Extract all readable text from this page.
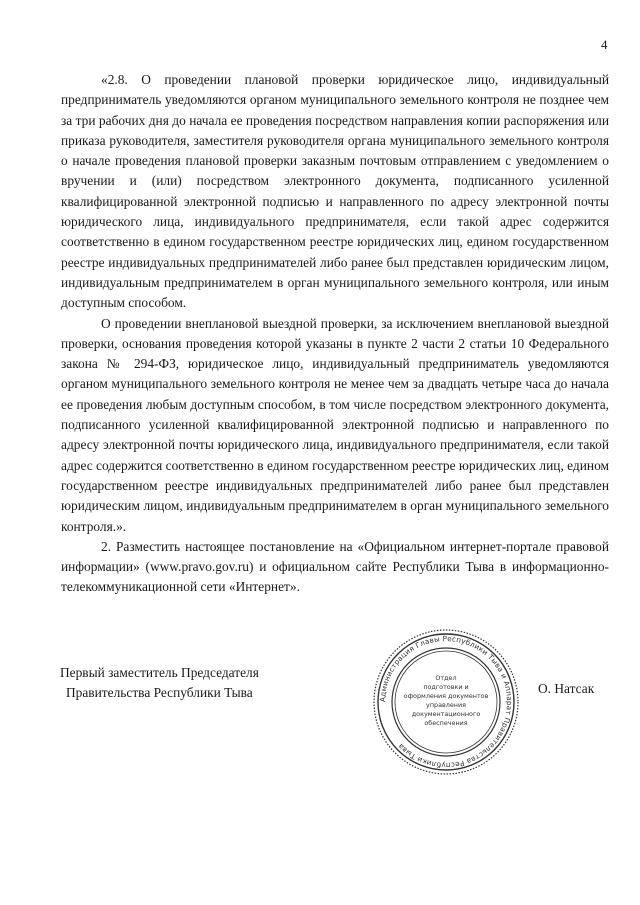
4

«2.8. О проведении плановой проверки юридическое лицо, индивидуальный предприниматель уведомляются органом муниципального земельного контроля не позднее чем за три рабочих дня до начала ее проведения посредством направления копии распоряжения или приказа руководителя, заместителя руководителя органа муниципального земельного контроля о начале проведения плановой проверки заказным почтовым отправлением с уведомлением о вручении и (или) посредством электронного документа, подписанного усиленной квалифицированной электронной подписью и направленного по адресу электронной почты юридического лица, индивидуального предпринимателя, если такой адрес содержится соответственно в едином государственном реестре юридических лиц, едином государственном реестре индивидуальных предпринимателей либо ранее был представлен юридическим лицом, индивидуальным предпринимателем в орган муниципального земельного контроля, или иным доступным способом.

О проведении внеплановой выездной проверки, за исключением внеплановой выездной проверки, основания проведения которой указаны в пункте 2 части 2 статьи 10 Федерального закона № 294-ФЗ, юридическое лицо, индивидуальный предприниматель уведомляются органом муниципального земельного контроля не менее чем за двадцать четыре часа до начала ее проведения любым доступным способом, в том числе посредством электронного документа, подписанного усиленной квалифицированной электронной подписью и направленного по адресу электронной почты юридического лица, индивидуального предпринимателя, если такой адрес содержится соответственно в едином государственном реестре юридических лиц, едином государственном реестре индивидуальных предпринимателей либо ранее был представлен юридическим лицом, индивидуальным предпринимателем в орган муниципального земельного контроля.».

2. Разместить настоящее постановление на «Официальном интернет-портале правовой информации» (www.pravo.gov.ru) и официальном сайте Республики Тыва в информационно-телекоммуникационной сети «Интернет».

Первый заместитель Председателя
Правительства Республики Тыва	О. Натсак
Администрация Главы Республики Тыва и Аппарат Правительства Республики Тыва
Отдел
подготовки и
оформления документов
управления
документационного
обеспечения
